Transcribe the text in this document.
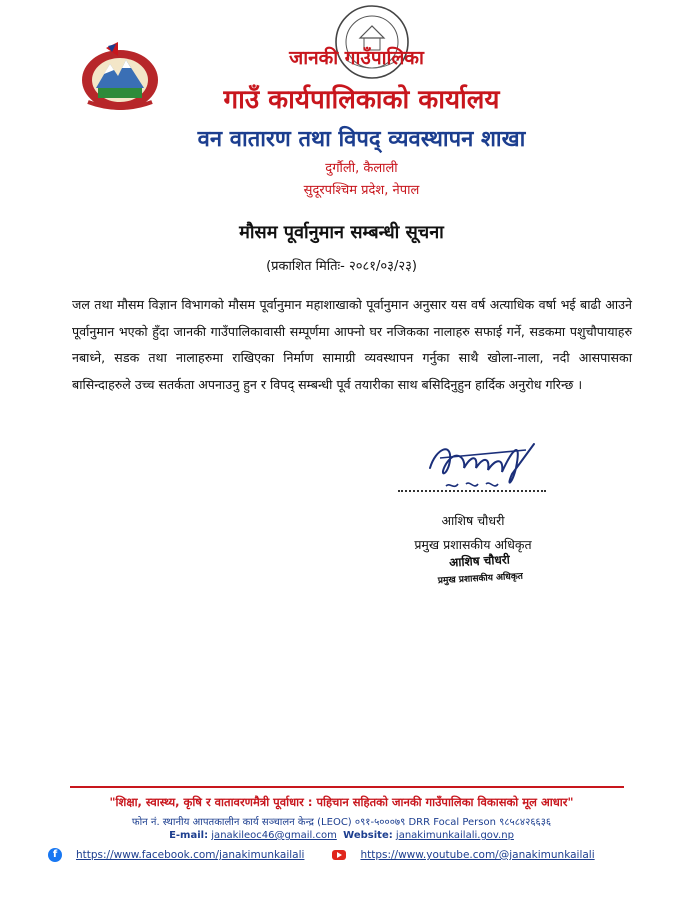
जानकी गाउँपालिका
गाउँ कार्यपालिकाको कार्यालय
वन वातारण तथा विपद् व्यवस्थापन शाखा
दुर्गौली, कैलाली
सुदूरपश्चिम प्रदेश, नेपाल
मौसम पूर्वानुमान सम्बन्धी सूचना
(प्रकाशित मितिः- २०८१/०३/२३)
जल तथा मौसम विज्ञान विभागको मौसम पूर्वानुमान महाशाखाको पूर्वानुमान अनुसार यस वर्ष अत्याधिक वर्षा भई बाढी आउने पूर्वानुमान भएको हुँदा जानकी गाउँपालिकावासी सम्पूर्णमा आफ्नो घर नजिकका नालाहरु सफाई गर्ने, सडकमा पशुचौपायाहरु नबाध्ने, सडक तथा नालाहरुमा राखिएका निर्माण सामाग्री व्यवस्थापन गर्नुका साथै खोला-नाला, नदी आसपासका बासिन्दाहरुले उच्च सतर्कता अपनाउनु हुन र विपद् सम्बन्धी पूर्व तयारीका साथ बसिदिनुहुन हार्दिक अनुरोध गरिन्छ ।
आशिष चौधरी
प्रमुख प्रशासकीय अधिकृत
आशिष चौधरी
प्रमुख प्रशासकीय अधिकृत
"शिक्षा, स्वास्थ्य, कृषि र वातावरणमैत्री पूर्वाधार : पहिचान सहितको जानकी गाउँपालिका विकासको मूल आधार"
फोन नं. स्थानीय आपतकालीन कार्य सञ्चालन केन्द्र (LEOC) ०९१-५०००७९ DRR Focal Person ९८५८४२६६३६
E-mail: janakileoc46@gmail.com Website: janakimunkailali.gov.np
f https://www.facebook.com/janakimunkailali	https://www.youtube.com/@janakimunkailali
